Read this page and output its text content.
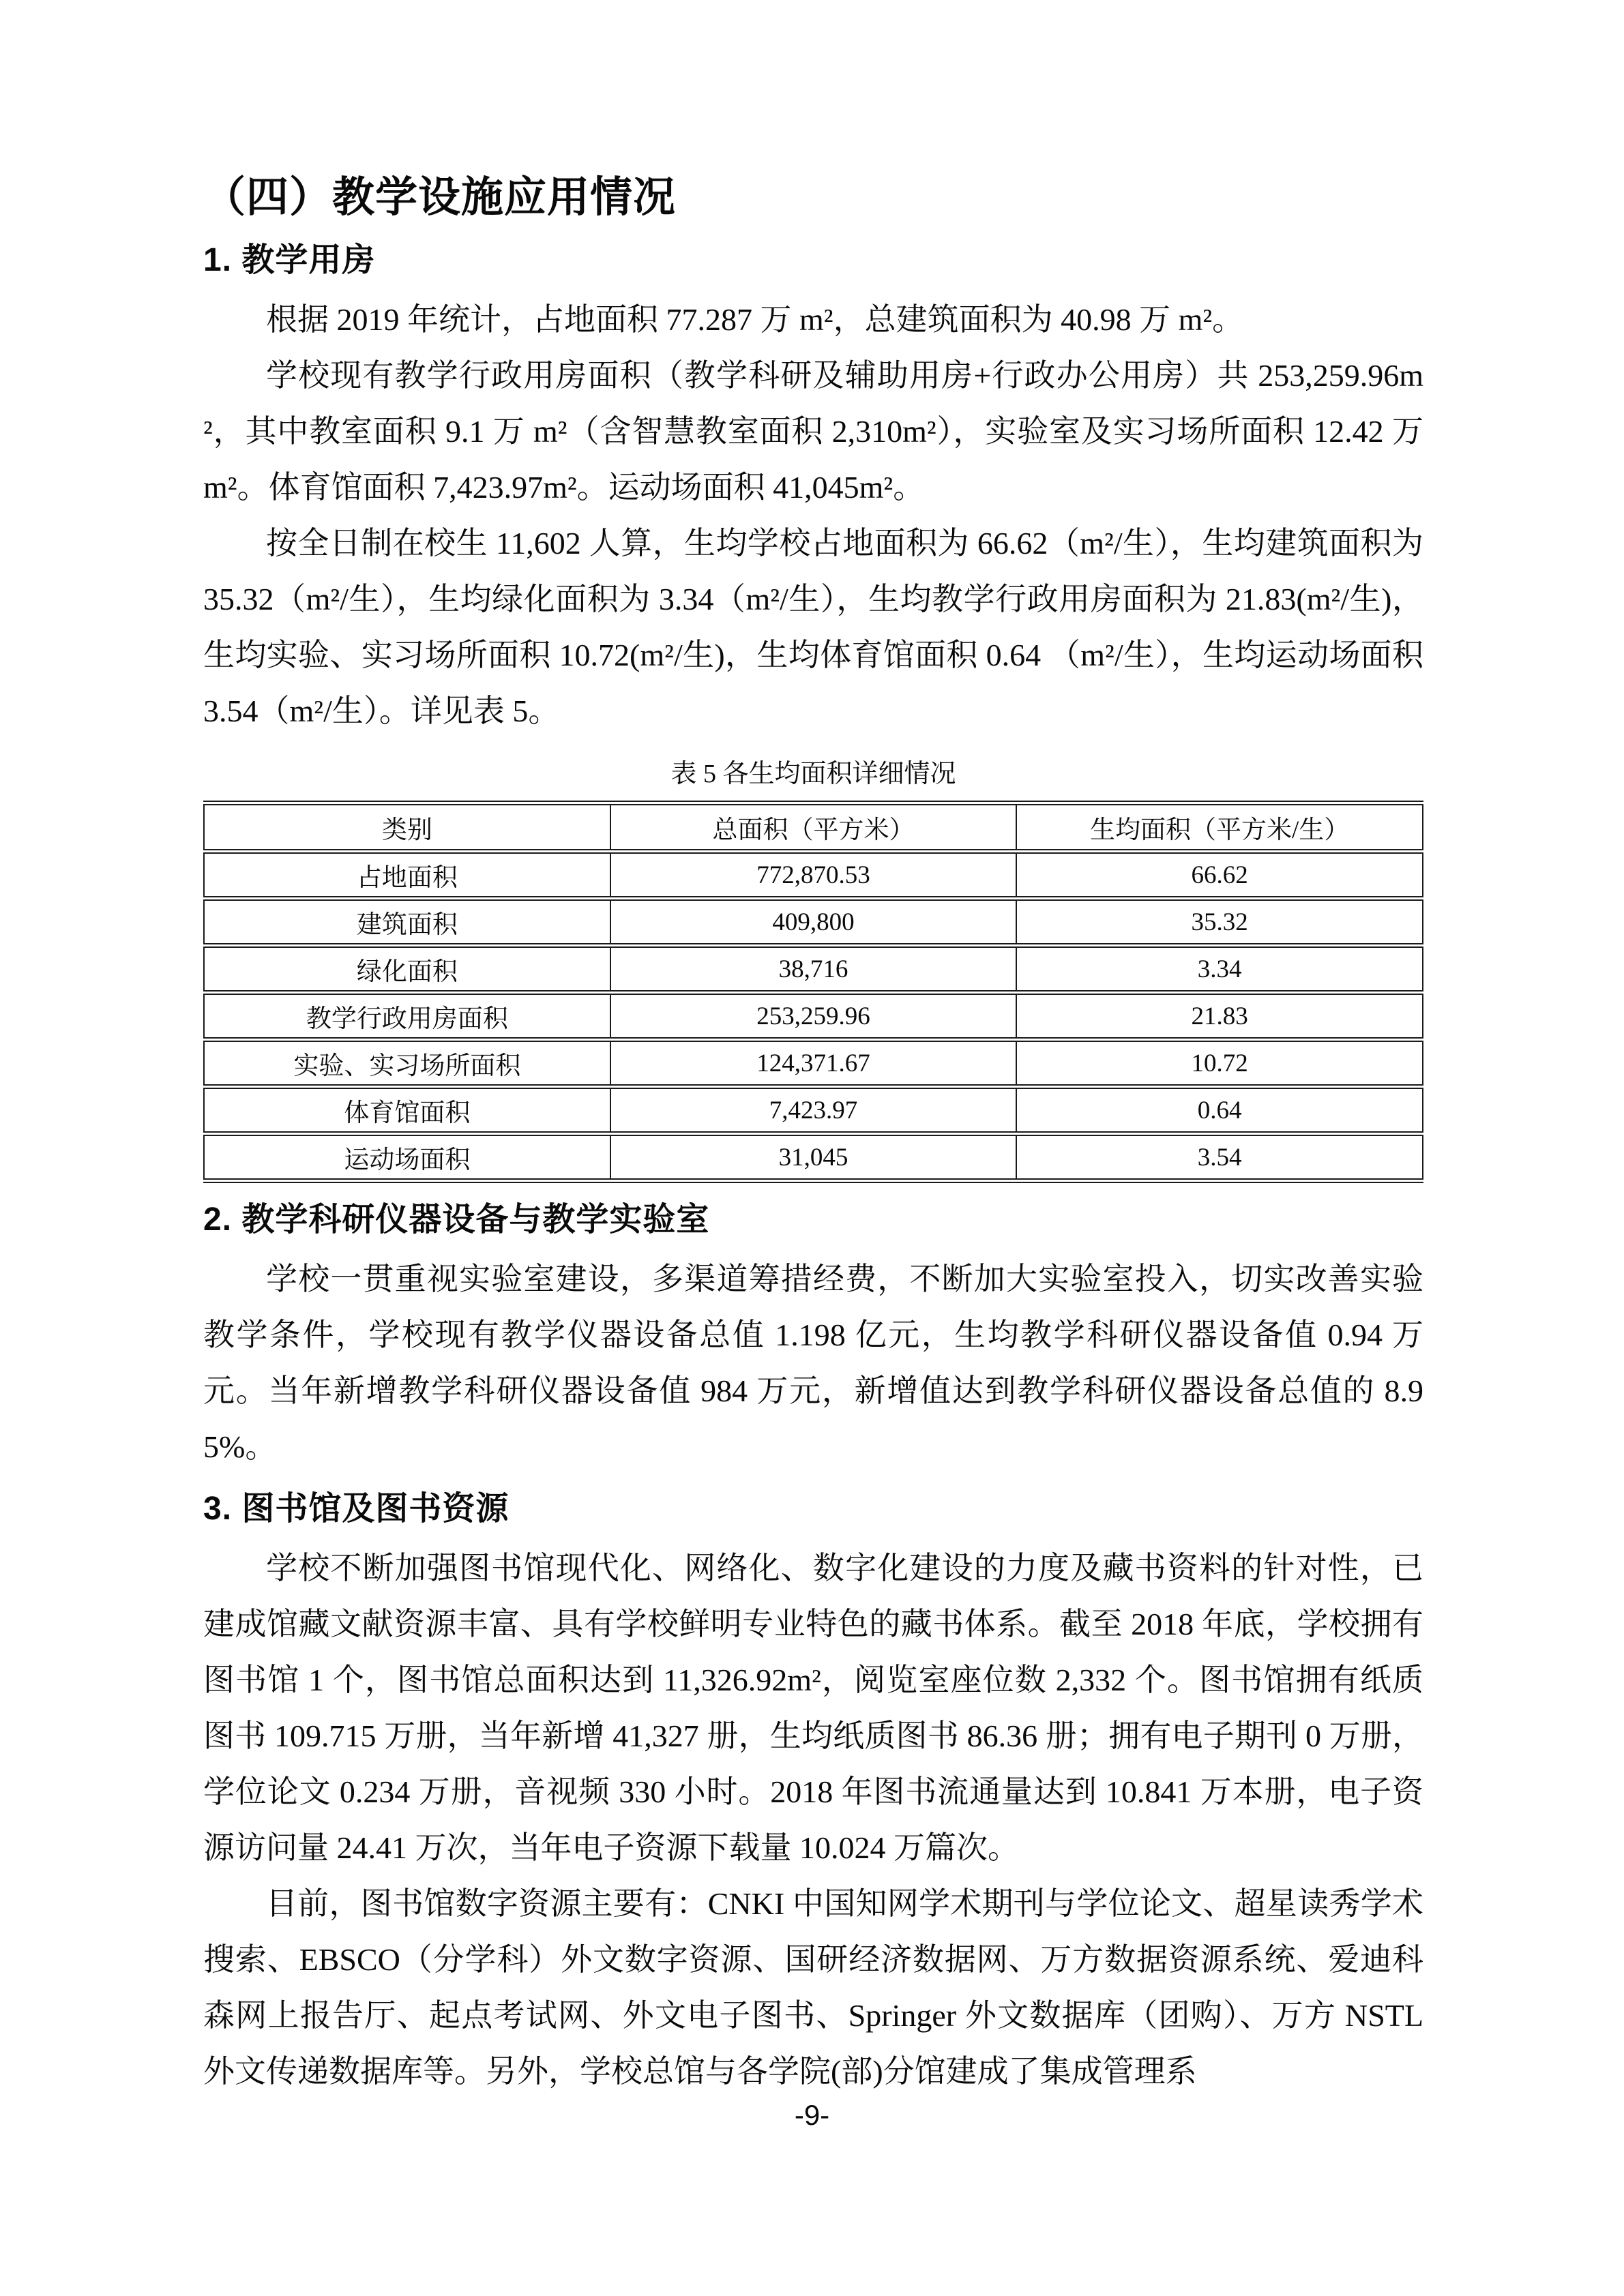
（四）教学设施应用情况
1. 教学用房

根据 2019 年统计，占地面积 77.287 万 m²，总建筑面积为 40.98 万 m²。

学校现有教学行政用房面积（教学科研及辅助用房+行政办公用房）共 253,259.96m²，其中教室面积 9.1 万 m²（含智慧教室面积 2,310m²），实验室及实习场所面积 12.42 万 m²。体育馆面积 7,423.97m²。运动场面积 41,045m²。

按全日制在校生 11,602 人算，生均学校占地面积为 66.62（m²/生），生均建筑面积为 35.32（m²/生），生均绿化面积为 3.34（m²/生），生均教学行政用房面积为 21.83(m²/生)，生均实验、实习场所面积 10.72(m²/生)，生均体育馆面积 0.64 （m²/生），生均运动场面积 3.54（m²/生）。详见表 5。

表 5 各生均面积详细情况
类别	总面积（平方米）	生均面积（平方米/生）
占地面积	772,870.53	66.62
建筑面积	409,800	35.32
绿化面积	38,716	3.34
教学行政用房面积	253,259.96	21.83
实验、实习场所面积	124,371.67	10.72
体育馆面积	7,423.97	0.64
运动场面积	31,045	3.54
2. 教学科研仪器设备与教学实验室

学校一贯重视实验室建设，多渠道筹措经费，不断加大实验室投入，切实改善实验教学条件，学校现有教学仪器设备总值 1.198 亿元，生均教学科研仪器设备值 0.94 万元。当年新增教学科研仪器设备值 984 万元，新增值达到教学科研仪器设备总值的 8.95%。

3. 图书馆及图书资源

学校不断加强图书馆现代化、网络化、数字化建设的力度及藏书资料的针对性，已建成馆藏文献资源丰富、具有学校鲜明专业特色的藏书体系。截至 2018 年底，学校拥有图书馆 1 个，图书馆总面积达到 11,326.92m²，阅览室座位数 2,332 个。图书馆拥有纸质图书 109.715 万册，当年新增 41,327 册，生均纸质图书 86.36 册；拥有电子期刊 0 万册，学位论文 0.234 万册，音视频 330 小时。2018 年图书流通量达到 10.841 万本册，电子资源访问量 24.41 万次，当年电子资源下载量 10.024 万篇次。

目前，图书馆数字资源主要有：CNKI 中国知网学术期刊与学位论文、超星读秀学术搜索、EBSCO（分学科）外文数字资源、国研经济数据网、万方数据资源系统、爱迪科森网上报告厅、起点考试网、外文电子图书、Springer 外文数据库（团购）、万方 NSTL 外文传递数据库等。另外，学校总馆与各学院(部)分馆建成了集成管理系

-9-
